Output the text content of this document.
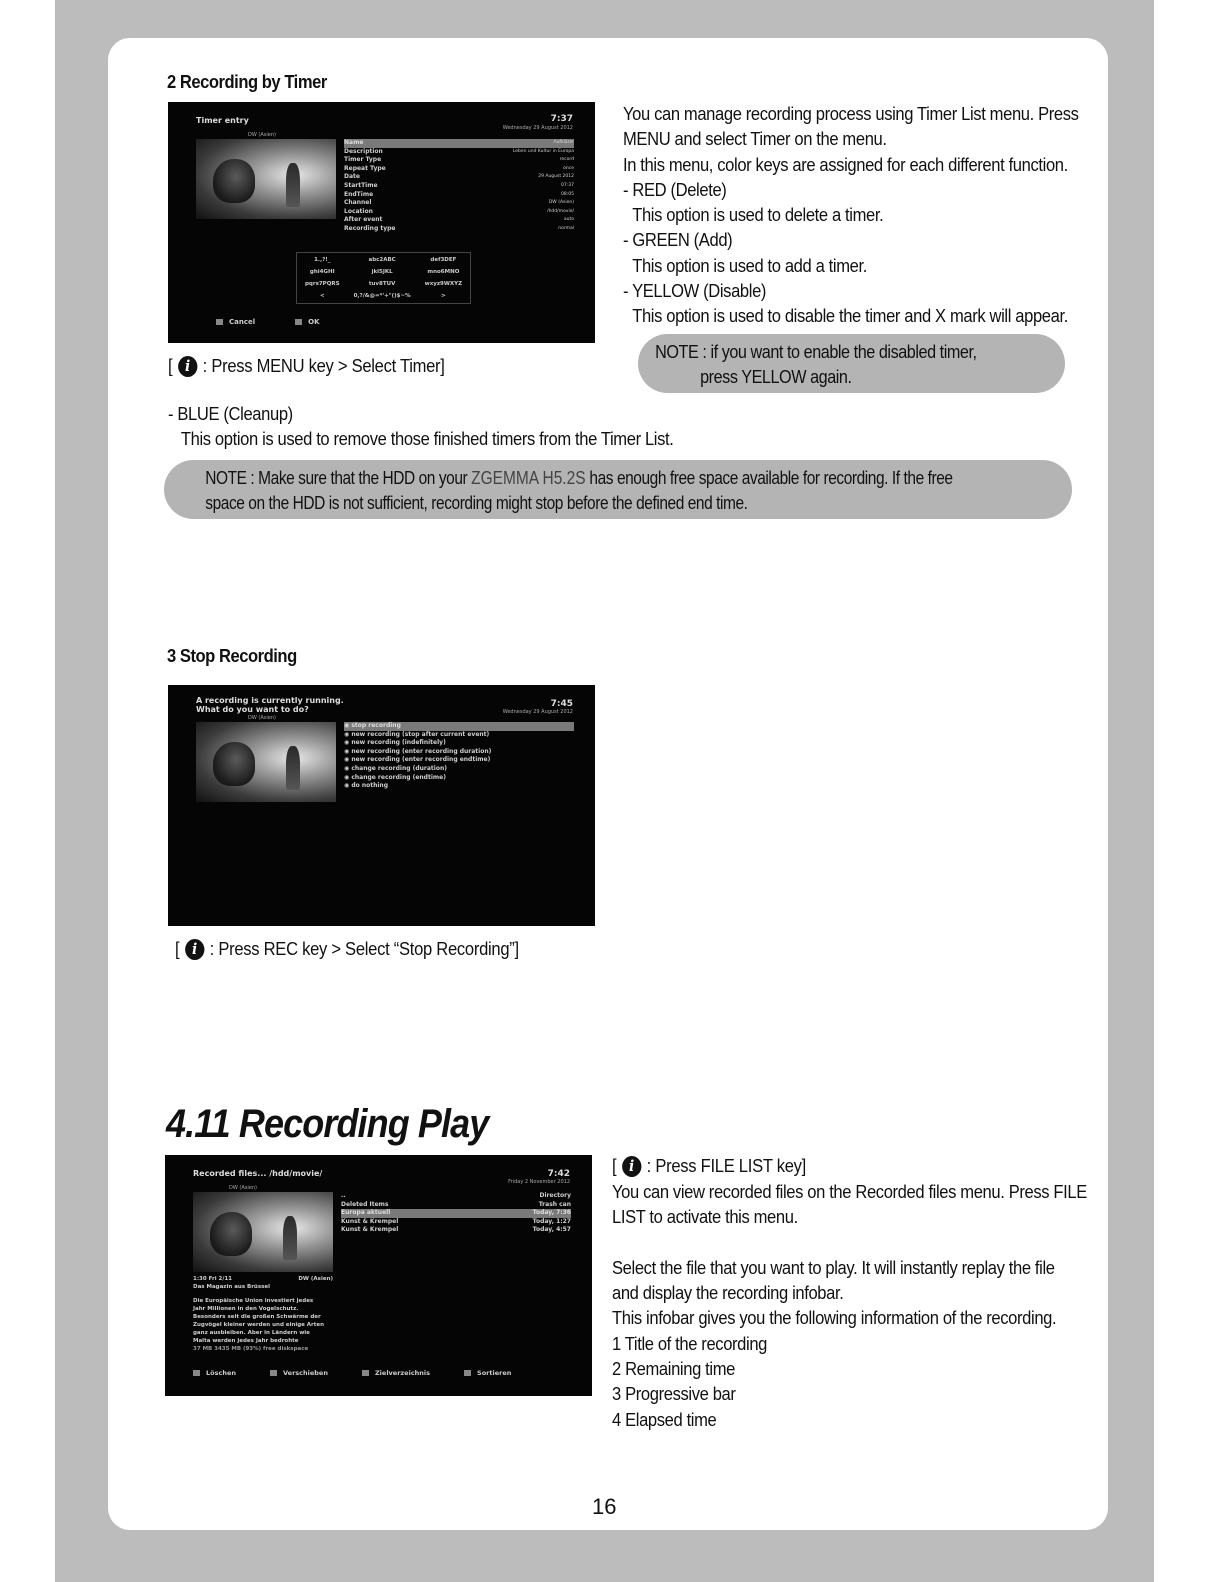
2 Recording by Timer
Timer entry	7:37
Wednesday 29 August 2012
DW (Asien)
Name	Aufklärer
Description	Leben und Kultur in Europa
Timer Type	record
Repeat Type	once
Date	29 August 2012
StartTime	07:37
EndTime	08:05
Channel	DW (Asien)
Location	/hdd/movie/
After event	auto
Recording type	normal
1.,?!_	abc2ABC	def3DEF
ghi4GHI	jkl5JKL	mno6MNO
pqrs7PQRS	tuv8TUV	wxyz9WXYZ
<	0,?/&@=*'+"()$~%	>
Cancel	OK
[ i : Press MENU key > Select Timer]
You can manage recording process using Timer List menu. Press
MENU and select Timer on the menu.
In this menu, color keys are assigned for each different function.
- RED (Delete)
This option is used to delete a timer.
- GREEN (Add)
This option is used to add a timer.
- YELLOW (Disable)
This option is used to disable the timer and X mark will appear.
NOTE : if you want to enable the disabled timer,
press YELLOW again.
- BLUE (Cleanup)
This option is used to remove those finished timers from the Timer List.
NOTE : Make sure that the HDD on your ZGEMMA H5.2S has enough free space available for recording. If the free
space on the HDD is not sufficient, recording might stop before the defined end time.
3 Stop Recording
A recording is currently running.
What do you want to do?
7:45
Wednesday 29 August 2012
DW (Asien)
◉ stop recording
◉ new recording (stop after current event)
◉ new recording (indefinitely)
◉ new recording (enter recording duration)
◉ new recording (enter recording endtime)
◉ change recording (duration)
◉ change recording (endtime)
◉ do nothing
[ i : Press REC key > Select “Stop Recording”]
4.11 Recording Play
Recorded files... /hdd/movie/	7:42
Friday 2 November 2012
DW (Asien)
..	Directory
Deleted Items	Trash can
Europa aktuell	Today, 7:36
Kunst & Krempel	Today, 1:27
Kunst & Krempel	Today, 4:57
1:30 Fri 2/11	DW (Asien)
Das Magazin aus Brüssel
Die Europäische Union investiert jedes
Jahr Millionen in den Vogelschutz.
Besonders seit die großen Schwärme der
Zugvögel kleiner werden und einige Arten
ganz ausbleiben. Aber in Ländern wie
Malta werden jedes Jahr bedrohte
37 MB 3435 MB (93%) free diskspace
Löschen	Verschieben	Zielverzeichnis	Sortieren
[ i : Press FILE LIST key]
You can view recorded files on the Recorded files menu. Press FILE
LIST to activate this menu.
Select the file that you want to play. It will instantly replay the file
and display the recording infobar.
This infobar gives you the following information of the recording.
1 Title of the recording
2 Remaining time
3 Progressive bar
4 Elapsed time
16
